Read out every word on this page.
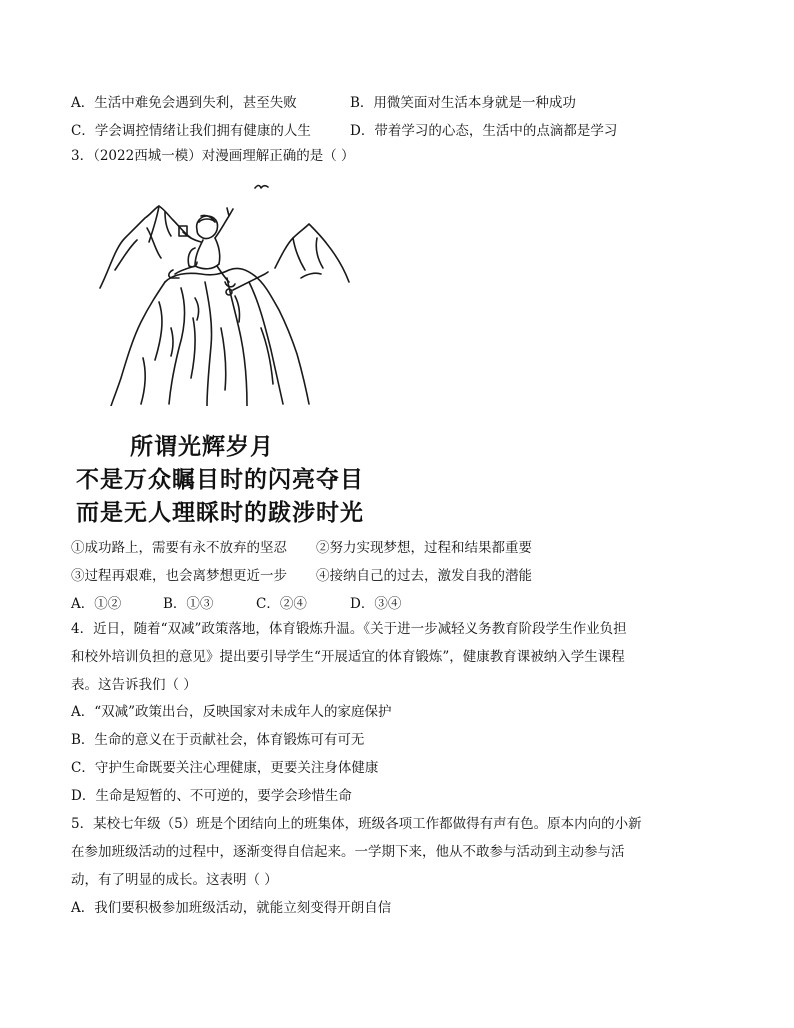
A．生活中难免会遇到失利，甚至失败	B．用微笑面对生活本身就是一种成功
C．学会调控情绪让我们拥有健康的人生	D．带着学习的心态，生活中的点滴都是学习
3．（2022西城一模）对漫画理解正确的是（ ）
所谓光辉岁月
不是万众瞩目时的闪亮夺目
而是无人理睬时的跋涉时光
①成功路上，需要有永不放弃的坚忍 ②努力实现梦想，过程和结果都重要
③过程再艰难，也会离梦想更近一步 ④接纳自己的过去，激发自我的潜能
A．①②	B．①③	C．②④	D．③④
4．近日，随着“双减”政策落地，体育锻炼升温。《关于进一步减轻义务教育阶段学生作业负担
和校外培训负担的意见》提出要引导学生“开展适宜的体育锻炼”，健康教育课被纳入学生课程
表。这告诉我们（ ）
A．“双减”政策出台，反映国家对未成年人的家庭保护
B．生命的意义在于贡献社会，体育锻炼可有可无
C．守护生命既要关注心理健康，更要关注身体健康
D．生命是短暂的、不可逆的，要学会珍惜生命
5．某校七年级（5）班是个团结向上的班集体，班级各项工作都做得有声有色。原本内向的小新
在参加班级活动的过程中，逐渐变得自信起来。一学期下来，他从不敢参与活动到主动参与活
动，有了明显的成长。这表明（ ）
A．我们要积极参加班级活动，就能立刻变得开朗自信
